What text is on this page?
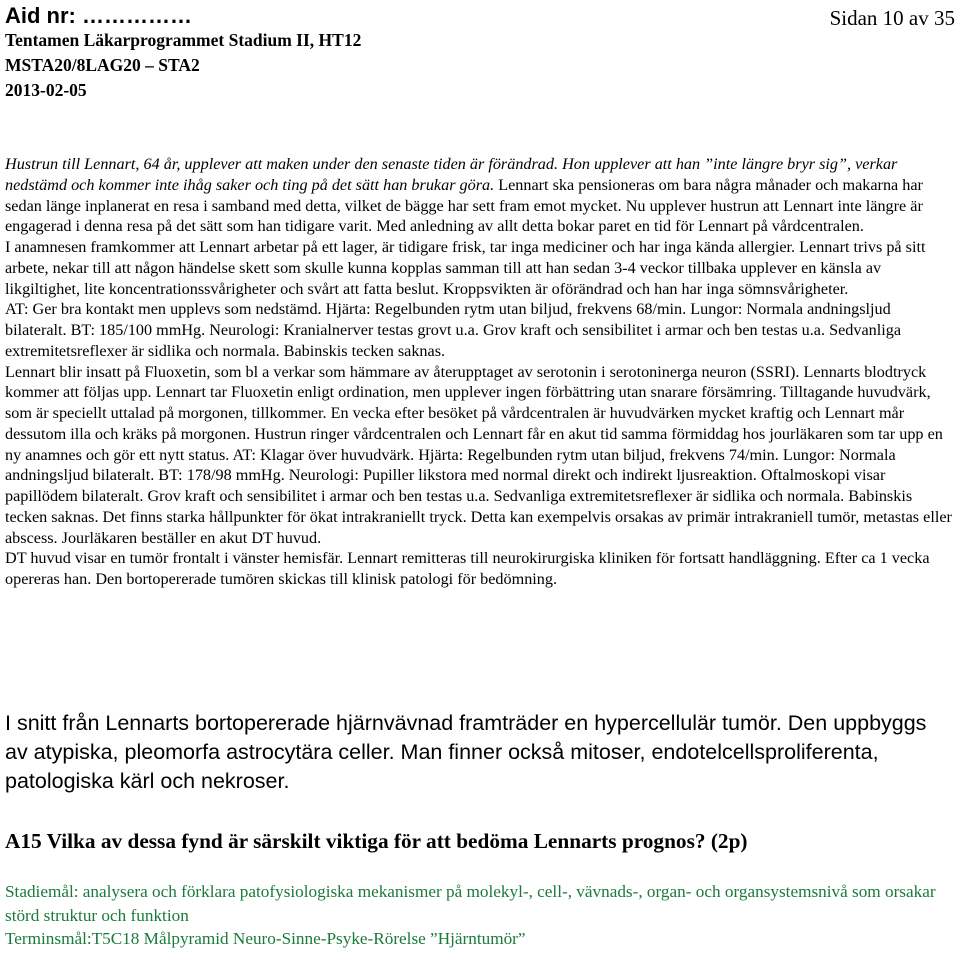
Aid nr: ……………	Sidan 10 av 35
Tentamen Läkarprogrammet Stadium II, HT12
MSTA20/8LAG20 – STA2
2013-02-05

Hustrun till Lennart, 64 år, upplever att maken under den senaste tiden är förändrad. Hon upplever att han ”inte längre bryr sig”, verkar nedstämd och kommer inte ihåg saker och ting på det sätt han brukar göra. Lennart ska pensioneras om bara några månader och makarna har sedan länge inplanerat en resa i samband med detta, vilket de bägge har sett fram emot mycket. Nu upplever hustrun att Lennart inte längre är engagerad i denna resa på det sätt som han tidigare varit. Med anledning av allt detta bokar paret en tid för Lennart på vårdcentralen.

I anamnesen framkommer att Lennart arbetar på ett lager, är tidigare frisk, tar inga mediciner och har inga kända allergier. Lennart trivs på sitt arbete, nekar till att någon händelse skett som skulle kunna kopplas samman till att han sedan 3-4 veckor tillbaka upplever en känsla av likgiltighet, lite koncentrationssvårigheter och svårt att fatta beslut. Kroppsvikten är oförändrad och han har inga sömnsvårigheter.

AT: Ger bra kontakt men upplevs som nedstämd. Hjärta: Regelbunden rytm utan biljud, frekvens 68/min. Lungor: Normala andningsljud bilateralt. BT: 185/100 mmHg. Neurologi: Kranialnerver testas grovt u.a. Grov kraft och sensibilitet i armar och ben testas u.a. Sedvanliga extremitetsreflexer är sidlika och normala. Babinskis tecken saknas.

Lennart blir insatt på Fluoxetin, som bl a verkar som hämmare av återupptaget av serotonin i serotoninerga neuron (SSRI). Lennarts blodtryck kommer att följas upp. Lennart tar Fluoxetin enligt ordination, men upplever ingen förbättring utan snarare försämring. Tilltagande huvudvärk, som är speciellt uttalad på morgonen, tillkommer. En vecka efter besöket på vårdcentralen är huvudvärken mycket kraftig och Lennart mår dessutom illa och kräks på morgonen. Hustrun ringer vårdcentralen och Lennart får en akut tid samma förmiddag hos jourläkaren som tar upp en ny anamnes och gör ett nytt status. AT: Klagar över huvudvärk. Hjärta: Regelbunden rytm utan biljud, frekvens 74/min. Lungor: Normala andningsljud bilateralt. BT: 178/98 mmHg. Neurologi: Pupiller likstora med normal direkt och indirekt ljusreaktion. Oftalmoskopi visar papillödem bilateralt. Grov kraft och sensibilitet i armar och ben testas u.a. Sedvanliga extremitetsreflexer är sidlika och normala. Babinskis tecken saknas. Det finns starka hållpunkter för ökat intrakraniellt tryck. Detta kan exempelvis orsakas av primär intrakraniell tumör, metastas eller abscess. Jourläkaren beställer en akut DT huvud.

DT huvud visar en tumör frontalt i vänster hemisfär. Lennart remitteras till neurokirurgiska kliniken för fortsatt handläggning. Efter ca 1 vecka opereras han. Den bortopererade tumören skickas till klinisk patologi för bedömning.

I snitt från Lennarts bortopererade hjärnvävnad framträder en hypercellulär tumör. Den uppbyggs av atypiska, pleomorfa astrocytära celler. Man finner också mitoser, endotelcellsproliferenta, patologiska kärl och nekroser.

A15 Vilka av dessa fynd är särskilt viktiga för att bedöma Lennarts prognos? (2p)

Stadiemål: analysera och förklara patofysiologiska mekanismer på molekyl-, cell-, vävnads-, organ- och organsystemsnivå som orsakar störd struktur och funktion

Terminsmål:T5C18 Målpyramid Neuro-Sinne-Psyke-Rörelse ”Hjärntumör”
